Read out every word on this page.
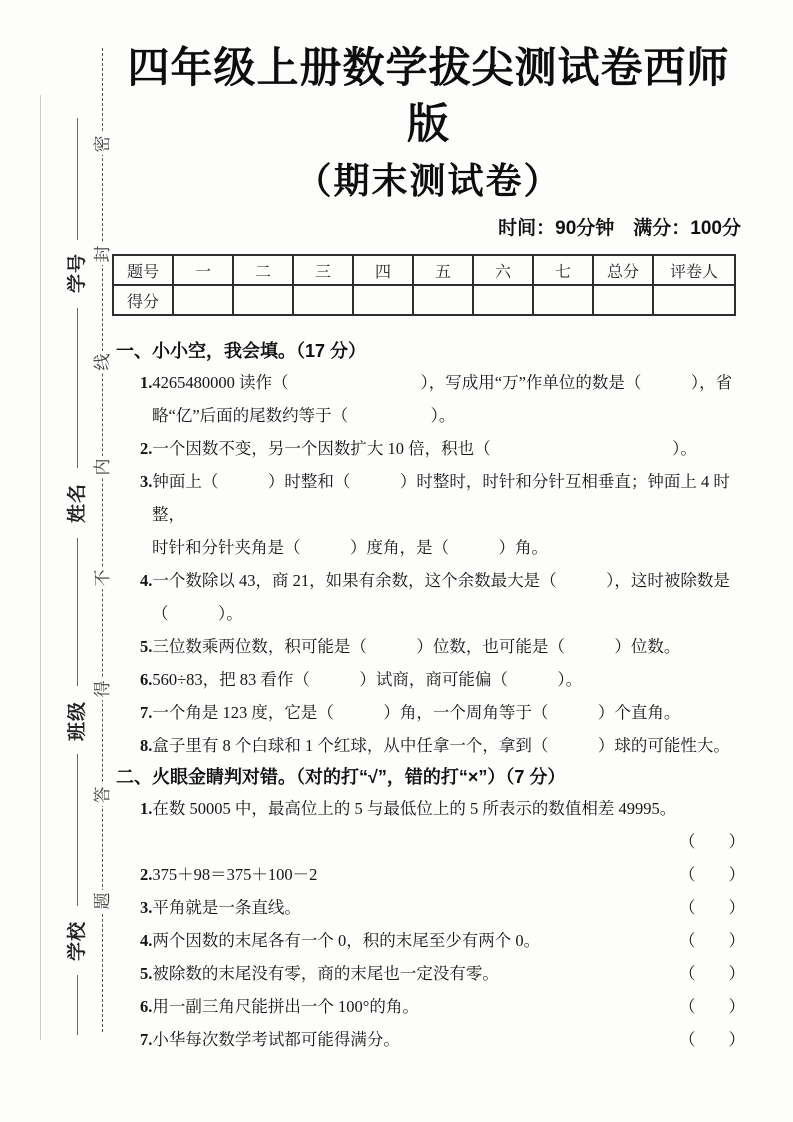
密
封
线
内
不
得
答
题
学号
姓名
班级
学校
四年级上册数学拔尖测试卷西师版
（期末测试卷）
时间：90分钟　满分：100分
题号	一	二	三	四	五	六	七	总分	评卷人
得分									
一、小小空，我会填。（17 分）
1.4265480000 读作（　　　　　　　　），写成用“万”作单位的数是（　　　），省
略“亿”后面的尾数约等于（　　　　　）。
2.一个因数不变，另一个因数扩大 10 倍，积也（　　　　　　　　　　　）。
3.钟面上（　　　）时整和（　　　）时整时，时针和分针互相垂直；钟面上 4 时整，
时针和分针夹角是（　　　）度角，是（　　　）角。
4.一个数除以 43，商 21，如果有余数，这个余数最大是（　　　），这时被除数是
（　　　）。
5.三位数乘两位数，积可能是（　　　）位数，也可能是（　　　）位数。
6.560÷83，把 83 看作（　　　）试商，商可能偏（　　　）。
7.一个角是 123 度，它是（　　　）角，一个周角等于（　　　）个直角。
8.盒子里有 8 个白球和 1 个红球，从中任拿一个，拿到（　　　）球的可能性大。
二、火眼金睛判对错。（对的打“√”，错的打“×”）（7 分）
1.在数 50005 中，最高位上的 5 与最低位上的 5 所表示的数值相差 49995。
（　　）
2.375＋98＝375＋100－2	（　　）
3.平角就是一条直线。	（　　）
4.两个因数的末尾各有一个 0，积的末尾至少有两个 0。	（　　）
5.被除数的末尾没有零，商的末尾也一定没有零。	（　　）
6.用一副三角尺能拼出一个 100°的角。	（　　）
7.小华每次数学考试都可能得满分。	（　　）
